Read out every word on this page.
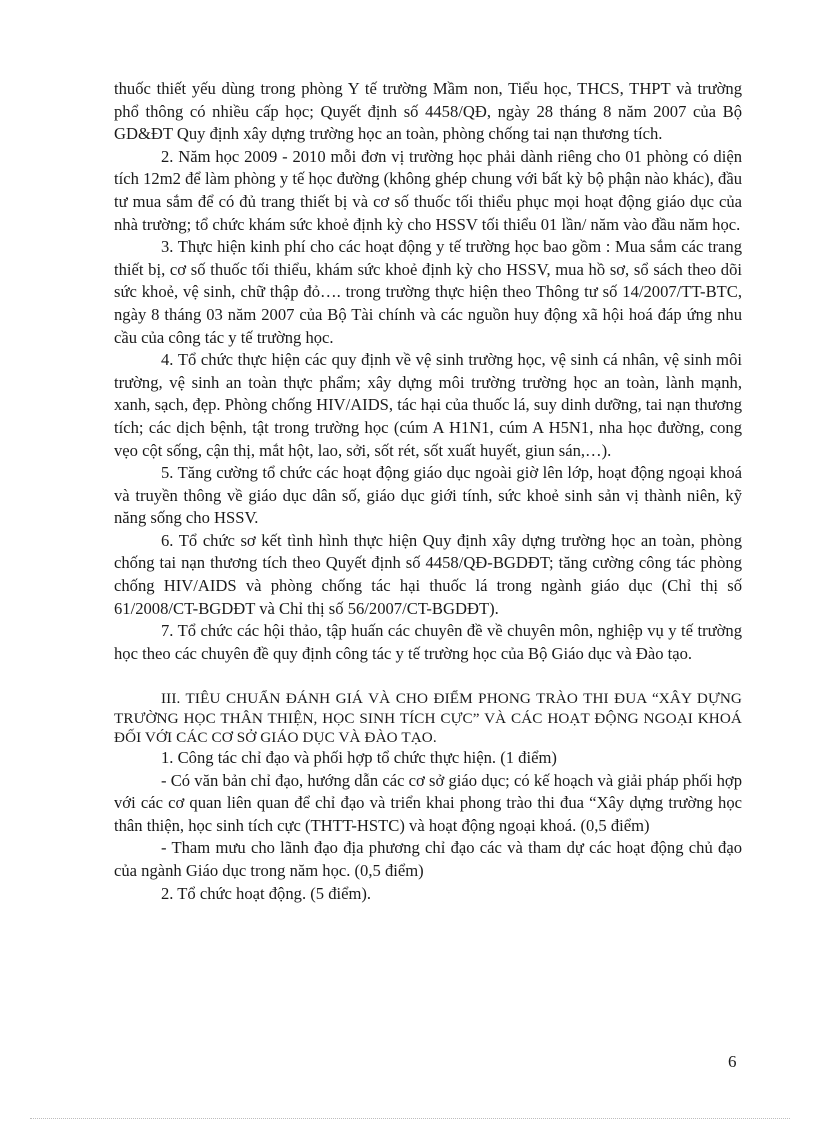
thuốc thiết yếu dùng trong phòng Y tế trường Mầm non, Tiểu học, THCS, THPT và trường phổ thông có nhiều cấp học; Quyết định số 4458/QĐ, ngày 28 tháng 8 năm 2007 của Bộ GD&ĐT Quy định xây dựng trường học an toàn, phòng chống tai nạn thương tích.

2. Năm học 2009 - 2010 mỗi đơn vị trường học phải dành riêng cho 01 phòng có diện tích 12m2 để làm phòng y tế học đường (không ghép chung với bất kỳ bộ phận nào khác), đầu tư mua sắm để có đủ trang thiết bị và cơ số thuốc tối thiểu phục mọi hoạt động giáo dục của nhà trường; tổ chức khám sức khoẻ định kỳ cho HSSV tối thiểu 01 lần/ năm vào đầu năm học.

3. Thực hiện kinh phí cho các hoạt động y tế trường học bao gồm : Mua sắm các trang thiết bị, cơ số thuốc tối thiểu, khám sức khoẻ định kỳ cho HSSV, mua hồ sơ, sổ sách theo dõi sức khoẻ, vệ sinh, chữ thập đỏ…. trong trường thực hiện theo Thông tư số 14/2007/TT-BTC, ngày 8 tháng 03 năm 2007 của Bộ Tài chính và các nguồn huy động xã hội hoá đáp ứng nhu cầu của công tác y tế trường học.

4. Tổ chức thực hiện các quy định về vệ sinh trường học, vệ sinh cá nhân, vệ sinh môi trường, vệ sinh an toàn thực phẩm; xây dựng môi trường trường học an toàn, lành mạnh, xanh, sạch, đẹp. Phòng chống HIV/AIDS, tác hại của thuốc lá, suy dinh dưỡng, tai nạn thương tích; các dịch bệnh, tật trong trường học (cúm A H1N1, cúm A H5N1, nha học đường, cong vẹo cột sống, cận thị, mắt hột, lao, sởi, sốt rét, sốt xuất huyết, giun sán,…).

5. Tăng cường tổ chức các hoạt động giáo dục ngoài giờ lên lớp, hoạt động ngoại khoá và truyền thông về giáo dục dân số, giáo dục giới tính, sức khoẻ sinh sản vị thành niên, kỹ năng sống cho HSSV.

6. Tổ chức sơ kết tình hình thực hiện Quy định xây dựng trường học an toàn, phòng chống tai nạn thương tích theo Quyết định số 4458/QĐ-BGDĐT; tăng cường công tác phòng chống HIV/AIDS và phòng chống tác hại thuốc lá trong ngành giáo dục (Chỉ thị số 61/2008/CT-BGDĐT và Chỉ thị số 56/2007/CT-BGDĐT).

7. Tổ chức các hội thảo, tập huấn các chuyên đề về chuyên môn, nghiệp vụ y tế trường học theo các chuyên đề quy định công tác y tế trường học của Bộ Giáo dục và Đào tạo.

III. TIÊU CHUẨN ĐÁNH GIÁ VÀ CHO ĐIỂM PHONG TRÀO THI ĐUA “XÂY DỰNG TRƯỜNG HỌC THÂN THIỆN, HỌC SINH TÍCH CỰC” VÀ CÁC HOẠT ĐỘNG NGOẠI KHOÁ ĐỐI VỚI CÁC CƠ SỞ GIÁO DỤC VÀ ĐÀO TẠO.

1. Công tác chỉ đạo và phối hợp tổ chức thực hiện. (1 điểm)

- Có văn bản chỉ đạo, hướng dẫn các cơ sở giáo dục; có kế hoạch và giải pháp phối hợp với các cơ quan liên quan để chỉ đạo và triển khai phong trào thi đua “Xây dựng trường học thân thiện, học sinh tích cực (THTT-HSTC) và hoạt động ngoại khoá. (0,5 điểm)

- Tham mưu cho lãnh đạo địa phương chỉ đạo các và tham dự các hoạt động chủ đạo của ngành Giáo dục trong năm học. (0,5 điểm)

2. Tổ chức hoạt động. (5 điểm).

6
